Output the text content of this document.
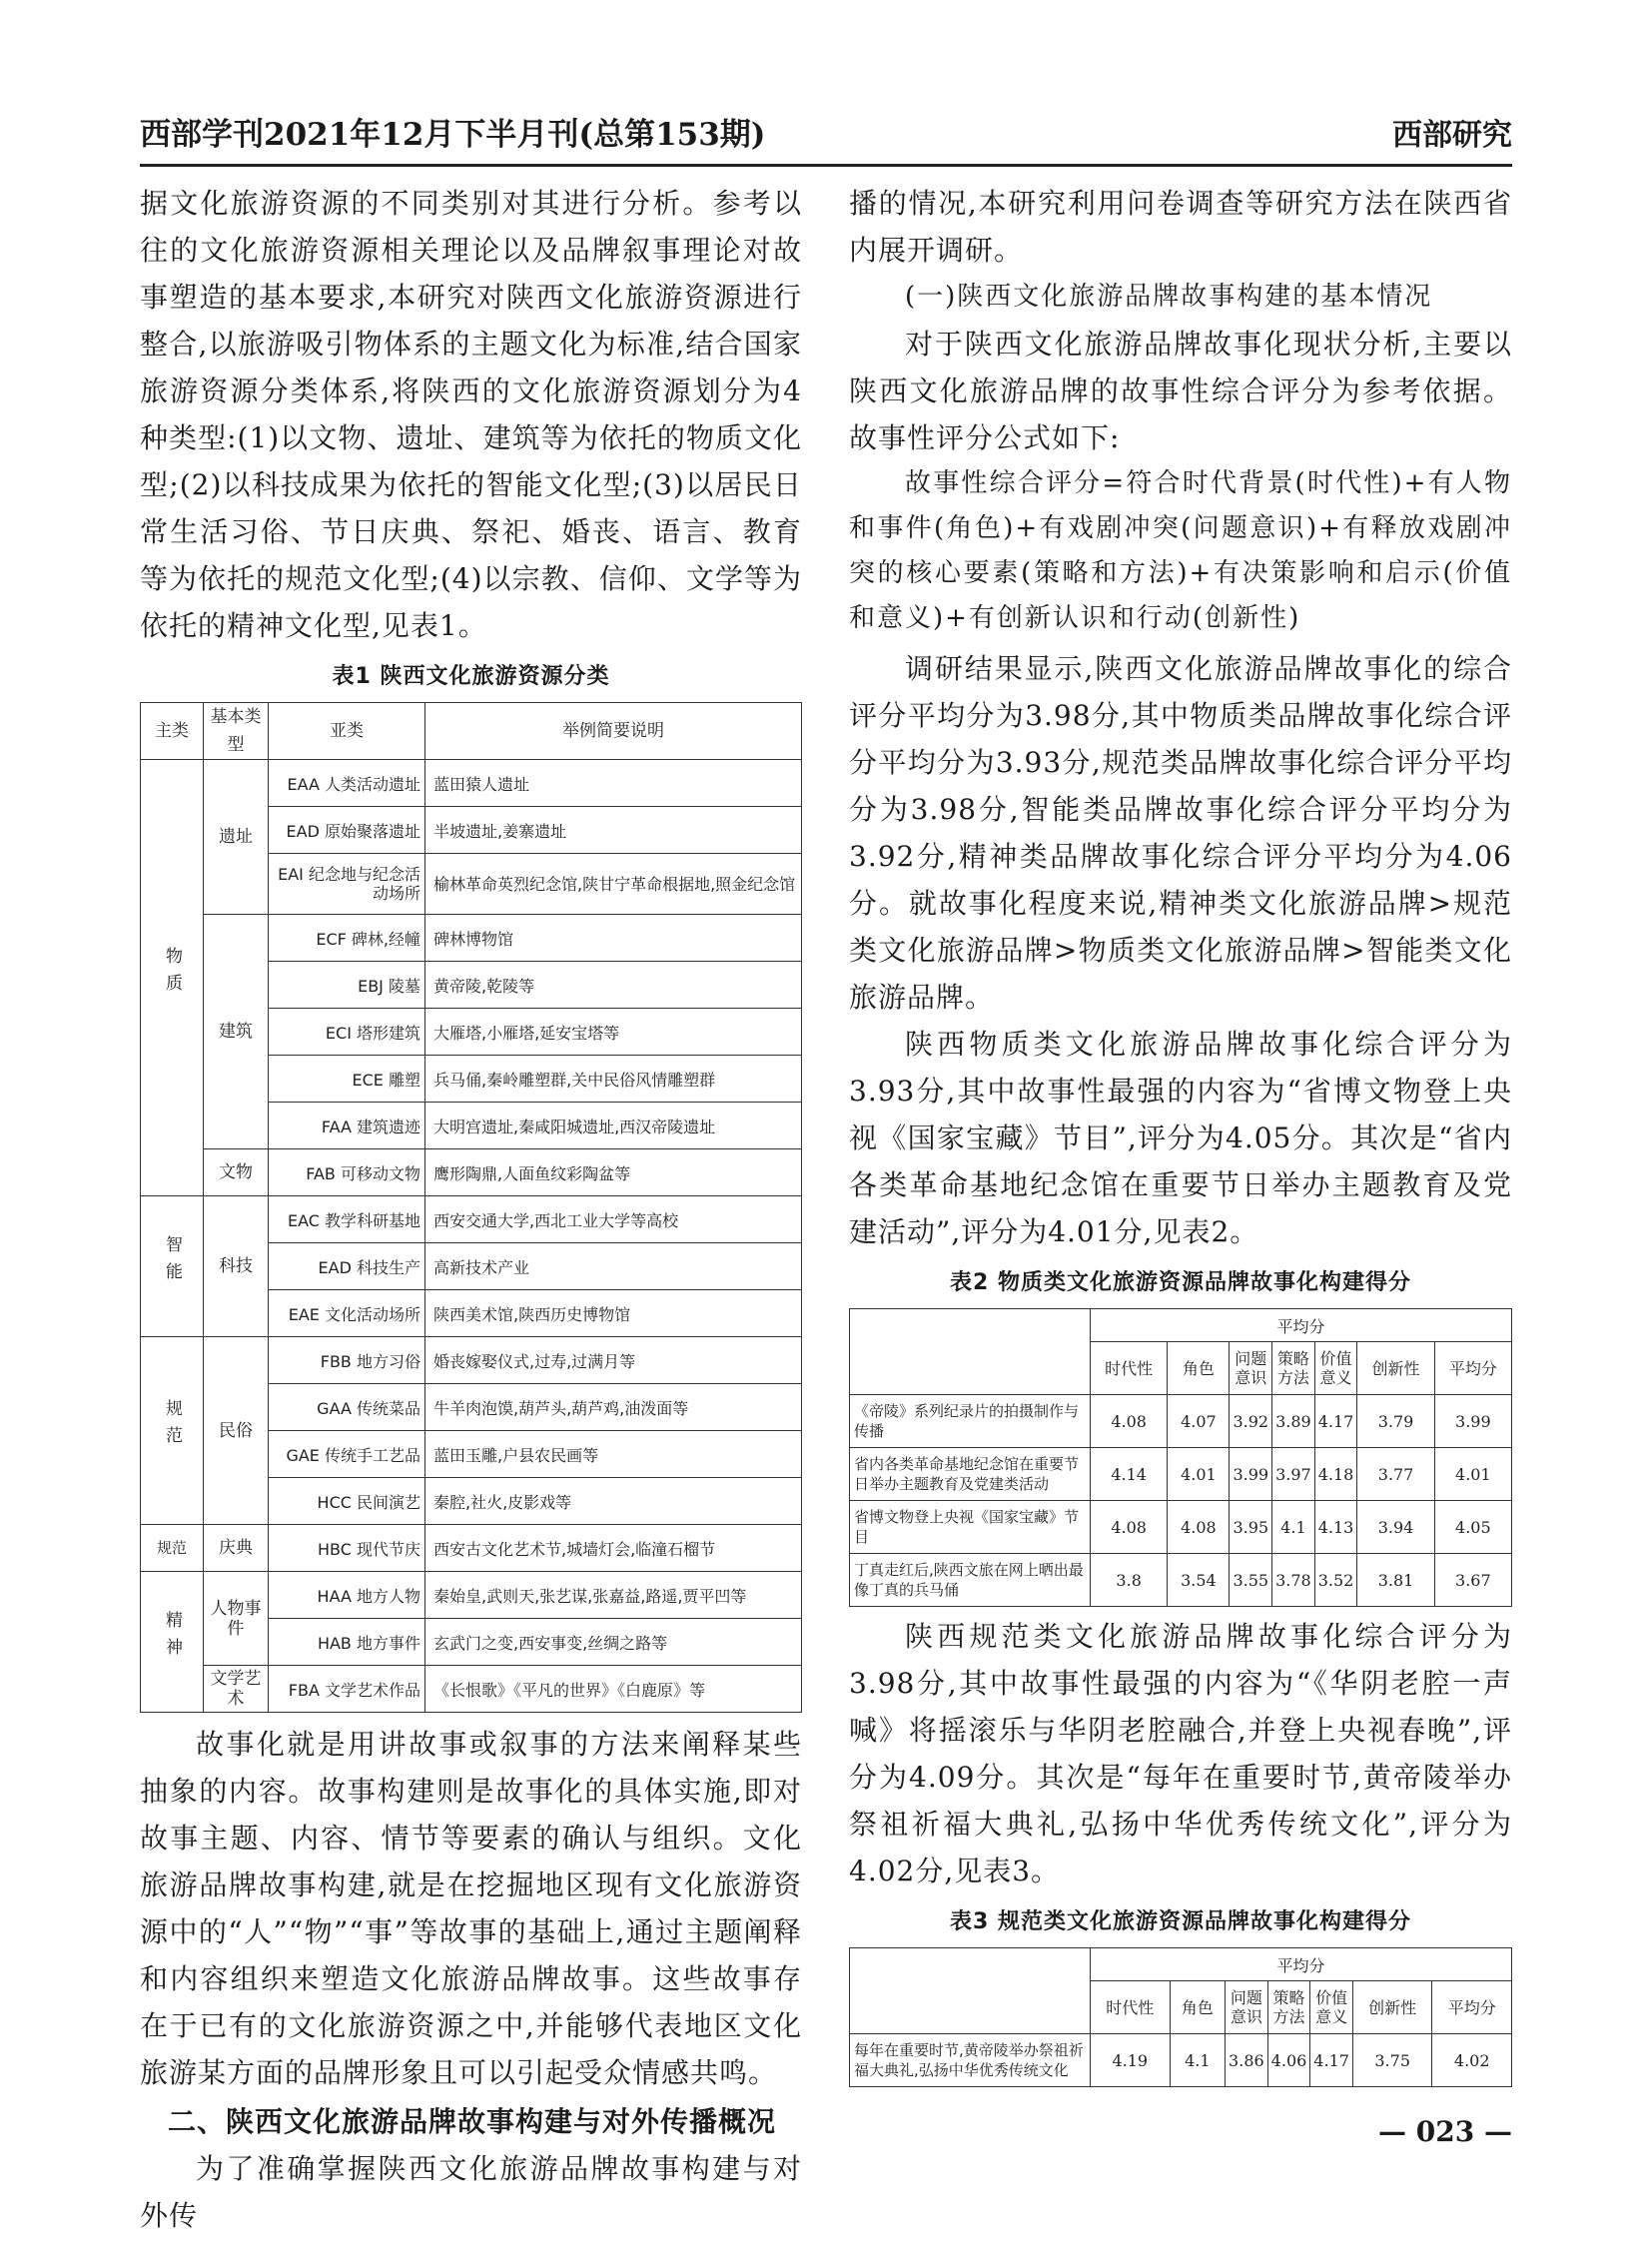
西部学刊2021年12月下半月刊(总第153期)	西部研究

据文化旅游资源的不同类别对其进行分析。参考以往的文化旅游资源相关理论以及品牌叙事理论对故事塑造的基本要求,本研究对陕西文化旅游资源进行整合,以旅游吸引物体系的主题文化为标准,结合国家旅游资源分类体系,将陕西的文化旅游资源划分为4种类型:(1)以文物、遗址、建筑等为依托的物质文化型;(2)以科技成果为依托的智能文化型;(3)以居民日常生活习俗、节日庆典、祭祀、婚丧、语言、教育等为依托的规范文化型;(4)以宗教、信仰、文学等为依托的精神文化型,见表1。

表1 陕西文化旅游资源分类
主类	基本类型	亚类	举例简要说明
物质	遗址	EAA 人类活动遗址	蓝田猿人遗址
		EAD 原始聚落遗址	半坡遗址,姜寨遗址
		EAI 纪念地与纪念活动场所	榆林革命英烈纪念馆,陕甘宁革命根据地,照金纪念馆
	建筑	ECF 碑林,经幢	碑林博物馆
		EBJ 陵墓	黄帝陵,乾陵等
		ECI 塔形建筑	大雁塔,小雁塔,延安宝塔等
		ECE 雕塑	兵马俑,秦岭雕塑群,关中民俗风情雕塑群
		FAA 建筑遗迹	大明宫遗址,秦咸阳城遗址,西汉帝陵遗址
	文物	FAB 可移动文物	鹰形陶鼎,人面鱼纹彩陶盆等
智能	科技	EAC 教学科研基地	西安交通大学,西北工业大学等高校
		EAD 科技生产	高新技术产业
		EAE 文化活动场所	陕西美术馆,陕西历史博物馆
规范	民俗	FBB 地方习俗	婚丧嫁娶仪式,过寿,过满月等
		GAA 传统菜品	牛羊肉泡馍,葫芦头,葫芦鸡,油泼面等
		GAE 传统手工艺品	蓝田玉雕,户县农民画等
		HCC 民间演艺	秦腔,社火,皮影戏等
规范	庆典	HBC 现代节庆	西安古文化艺术节,城墙灯会,临潼石榴节
精神	人物事件	HAA 地方人物	秦始皇,武则天,张艺谋,张嘉益,路遥,贾平凹等
		HAB 地方事件	玄武门之变,西安事变,丝绸之路等
	文学艺术	FBA 文学艺术作品	《长恨歌》《平凡的世界》《白鹿原》等

故事化就是用讲故事或叙事的方法来阐释某些抽象的内容。故事构建则是故事化的具体实施,即对故事主题、内容、情节等要素的确认与组织。文化旅游品牌故事构建,就是在挖掘地区现有文化旅游资源中的“人”“物”“事”等故事的基础上,通过主题阐释和内容组织来塑造文化旅游品牌故事。这些故事存在于已有的文化旅游资源之中,并能够代表地区文化旅游某方面的品牌形象且可以引起受众情感共鸣。

二、陕西文化旅游品牌故事构建与对外传播概况

为了准确掌握陕西文化旅游品牌故事构建与对外传

播的情况,本研究利用问卷调查等研究方法在陕西省内展开调研。

(一)陕西文化旅游品牌故事构建的基本情况

对于陕西文化旅游品牌故事化现状分析,主要以陕西文化旅游品牌的故事性综合评分为参考依据。故事性评分公式如下:

故事性综合评分=符合时代背景(时代性)+有人物和事件(角色)+有戏剧冲突(问题意识)+有释放戏剧冲突的核心要素(策略和方法)+有决策影响和启示(价值和意义)+有创新认识和行动(创新性)

调研结果显示,陕西文化旅游品牌故事化的综合评分平均分为3.98分,其中物质类品牌故事化综合评分平均分为3.93分,规范类品牌故事化综合评分平均分为3.98分,智能类品牌故事化综合评分平均分为3.92分,精神类品牌故事化综合评分平均分为4.06分。就故事化程度来说,精神类文化旅游品牌>规范类文化旅游品牌>物质类文化旅游品牌>智能类文化旅游品牌。

陕西物质类文化旅游品牌故事化综合评分为3.93分,其中故事性最强的内容为“省博文物登上央视《国家宝藏》节目”,评分为4.05分。其次是“省内各类革命基地纪念馆在重要节日举办主题教育及党建活动”,评分为4.01分,见表2。

表2 物质类文化旅游资源品牌故事化构建得分
	平均分						
	时代性	角色	问题意识	策略方法	价值意义	创新性	平均分
《帝陵》系列纪录片的拍摄制作与传播	4.08	4.07	3.92	3.89	4.17	3.79	3.99
省内各类革命基地纪念馆在重要节日举办主题教育及党建类活动	4.14	4.01	3.99	3.97	4.18	3.77	4.01
省博文物登上央视《国家宝藏》节目	4.08	4.08	3.95	4.1	4.13	3.94	4.05
丁真走红后,陕西文旅在网上晒出最像丁真的兵马俑	3.8	3.54	3.55	3.78	3.52	3.81	3.67

陕西规范类文化旅游品牌故事化综合评分为3.98分,其中故事性最强的内容为“《华阴老腔一声喊》将摇滚乐与华阴老腔融合,并登上央视春晚”,评分为4.09分。其次是“每年在重要时节,黄帝陵举办祭祖祈福大典礼,弘扬中华优秀传统文化”,评分为4.02分,见表3。

表3 规范类文化旅游资源品牌故事化构建得分
	平均分						
	时代性	角色	问题意识	策略方法	价值意义	创新性	平均分
每年在重要时节,黄帝陵举办祭祖祈福大典礼,弘扬中华优秀传统文化	4.19	4.1	3.86	4.06	4.17	3.75	4.02
— 023 —
